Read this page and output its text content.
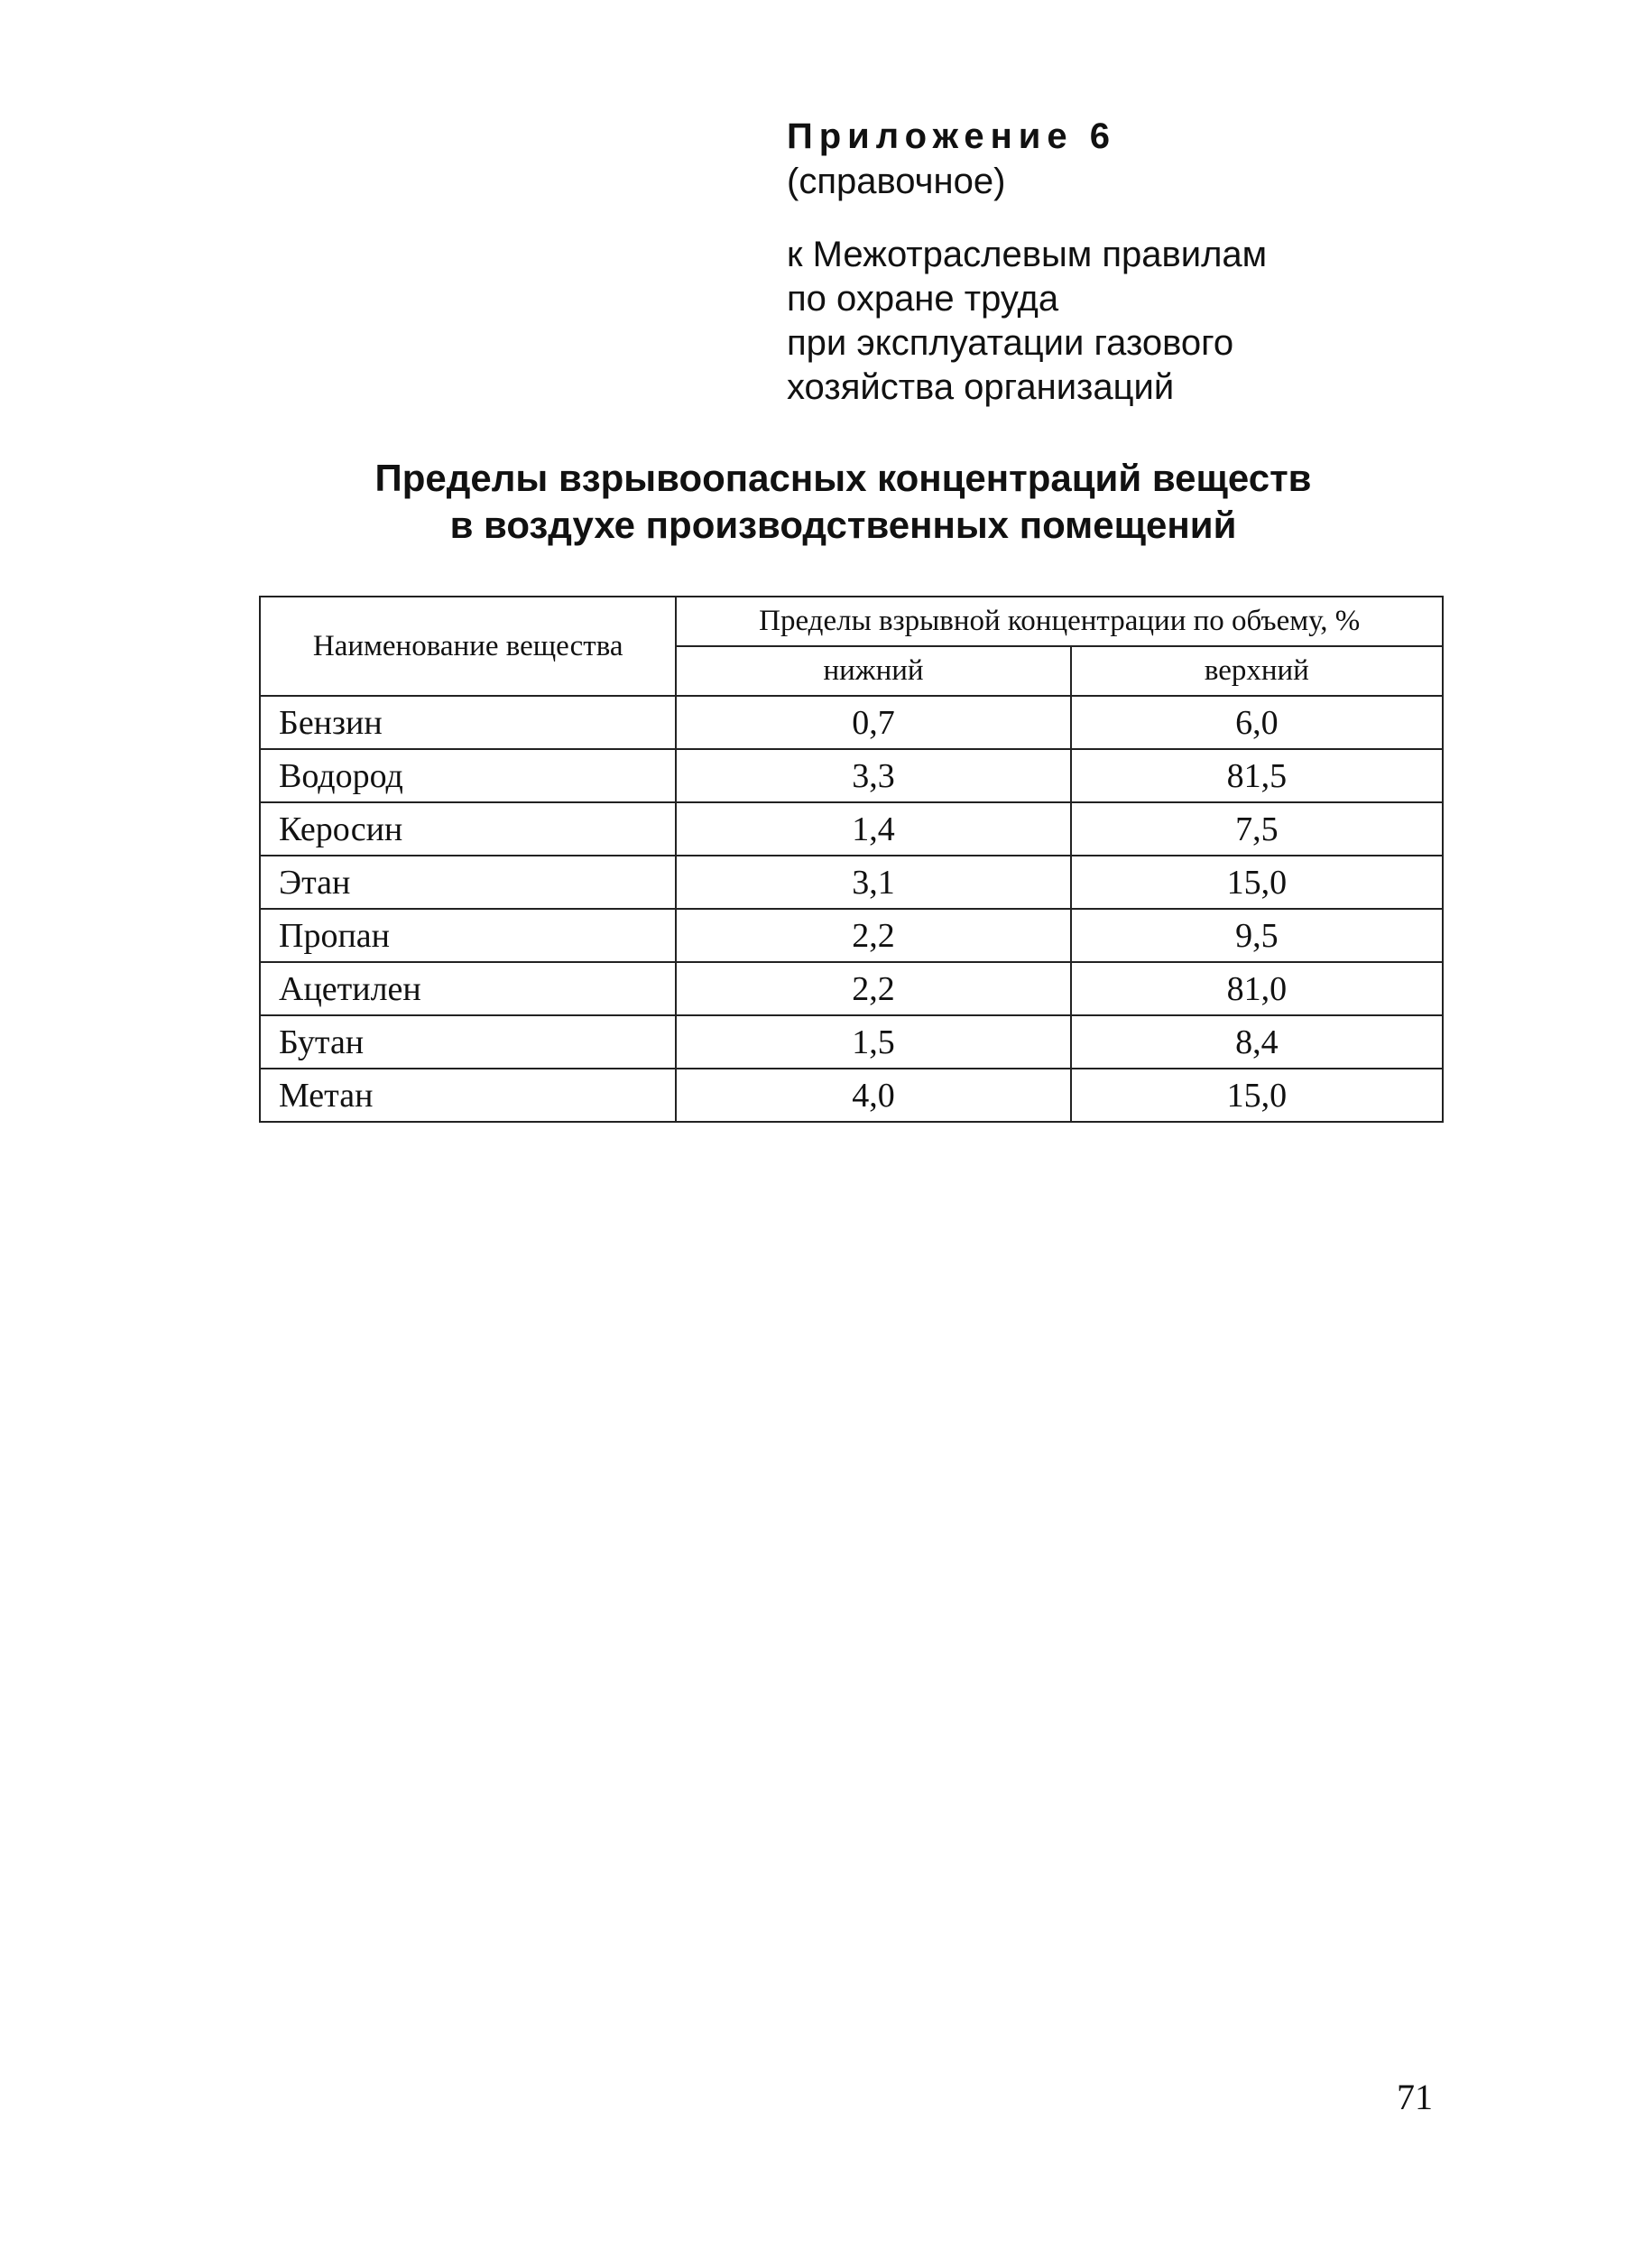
Приложение 6

(справочное)

к Межотраслевым правилам
по охране труда
при эксплуатации газового
хозяйства организаций
Пределы взрывоопасных концентраций веществ
в воздухе производственных помещений
Наименование вещества	Пределы взрывной концентрации по объему, %	
	нижний	верхний
Бензин	0,7	6,0
Водород	3,3	81,5
Керосин	1,4	7,5
Этан	3,1	15,0
Пропан	2,2	9,5
Ацетилен	2,2	81,0
Бутан	1,5	8,4
Метан	4,0	15,0
71
